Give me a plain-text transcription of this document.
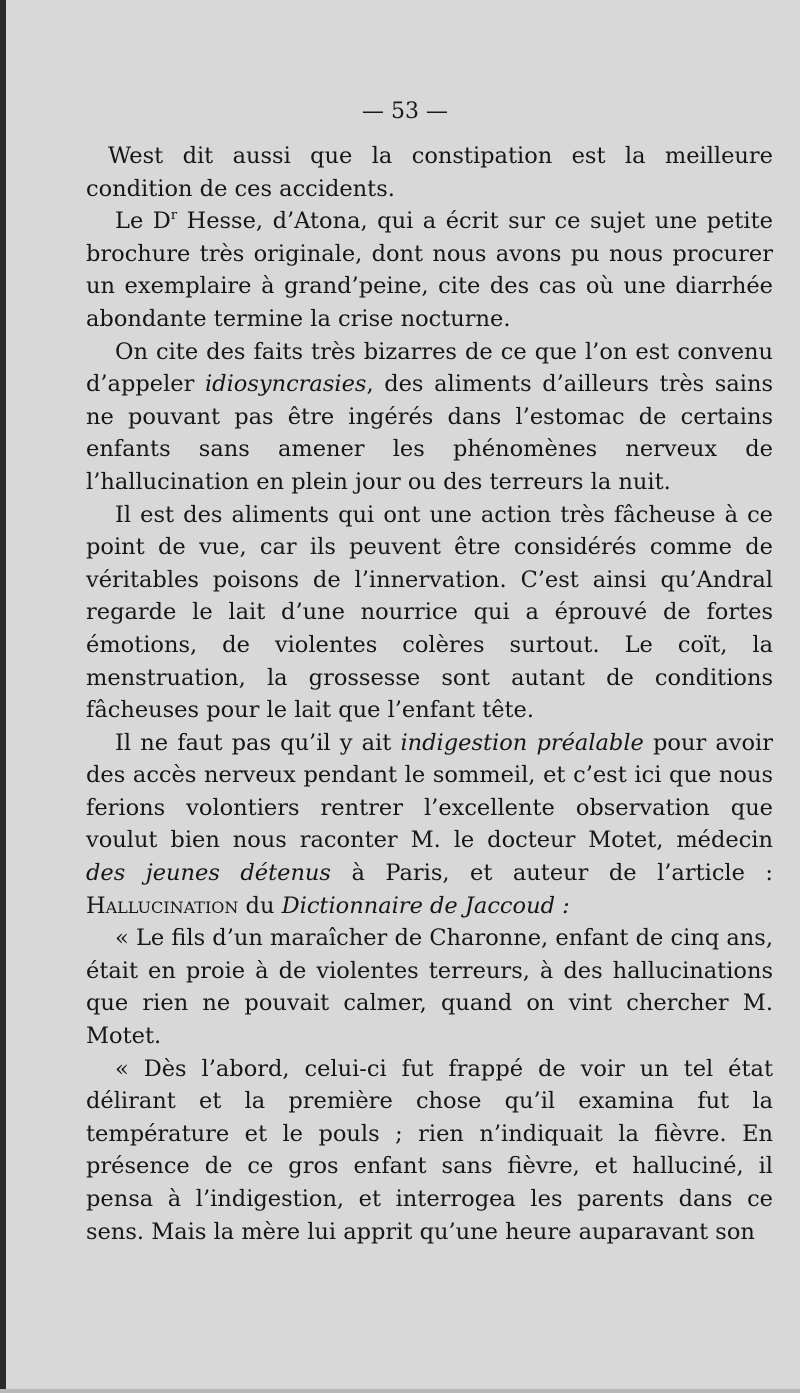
— 53 —

West dit aussi que la constipation est la meilleure condition de ces accidents.

Le $D^r$ Hesse, d’Atona, qui a écrit sur ce sujet une petite brochure très originale, dont nous avons pu nous procurer un exemplaire à grand’peine, cite des cas où une diarrhée abondante termine la crise nocturne.

On cite des faits très bizarres de ce que l’on est convenu d’appeler idiosyncrasies, des aliments d’ailleurs très sains ne pouvant pas être ingérés dans l’estomac de certains enfants sans amener les phénomènes nerveux de l’hallucination en plein jour ou des terreurs la nuit.

Il est des aliments qui ont une action très fâcheuse à ce point de vue, car ils peuvent être considérés comme de véritables poisons de l’innervation. C’est ainsi qu’Andral regarde le lait d’une nourrice qui a éprouvé de fortes émotions, de violentes colères surtout. Le coït, la menstruation, la grossesse sont autant de conditions fâcheuses pour le lait que l’enfant tête.

Il ne faut pas qu’il y ait indigestion préalable pour avoir des accès nerveux pendant le sommeil, et c’est ici que nous ferions volontiers rentrer l’excellente observation que voulut bien nous raconter M. le docteur Motet, médecin des jeunes détenus à Paris, et auteur de l’article : Hallucination du Dictionnaire de Jaccoud :

« Le fils d’un maraîcher de Charonne, enfant de cinq ans, était en proie à de violentes terreurs, à des hallucinations que rien ne pouvait calmer, quand on vint chercher M. Motet.

« Dès l’abord, celui-ci fut frappé de voir un tel état délirant et la première chose qu’il examina fut la température et le pouls ; rien n’indiquait la fièvre. En présence de ce gros enfant sans fièvre, et halluciné, il pensa à l’indigestion, et interrogea les parents dans ce sens. Mais la mère lui apprit qu’une heure auparavant son
